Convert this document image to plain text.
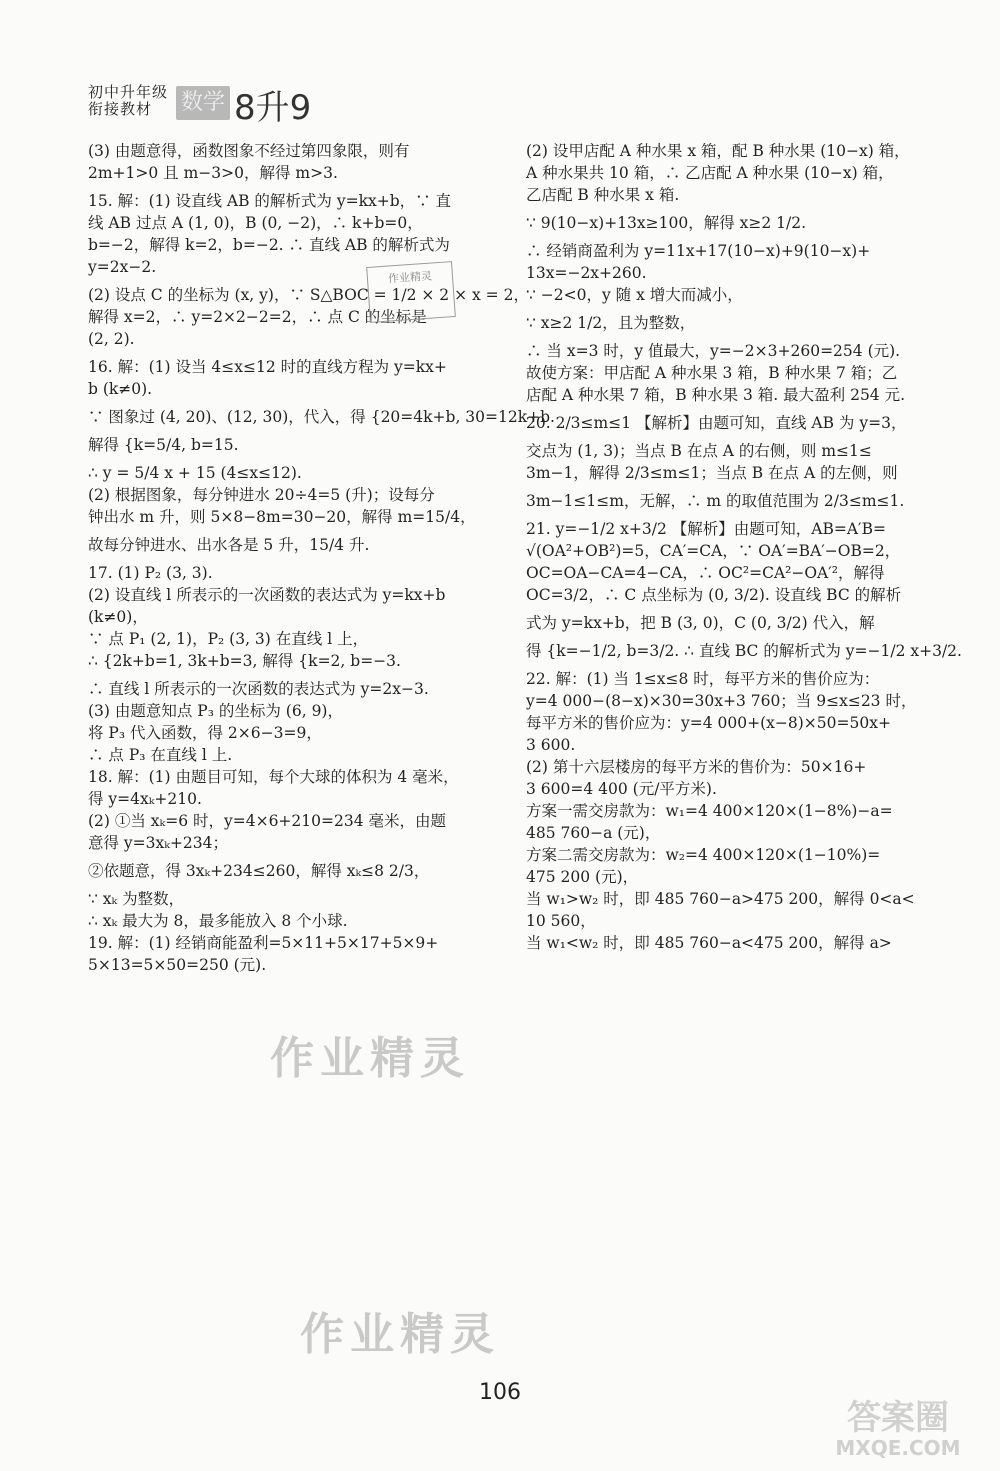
初中升年级
衔接教材	数学 8升9
(3) 由题意得，函数图象不经过第四象限，则有
2m+1>0 且 m−3>0，解得 m>3.
15. 解：(1) 设直线 AB 的解析式为 y=kx+b，∵ 直
线 AB 过点 A (1, 0)，B (0, −2)，∴ k+b=0，
b=−2，解得 k=2，b=−2. ∴ 直线 AB 的解析式为
y=2x−2.
(2) 设点 C 的坐标为 (x, y)，∵ S△BOC = 1/2 × 2 × x = 2，
解得 x=2，∴ y=2×2−2=2，∴ 点 C 的坐标是
(2, 2).
16. 解：(1) 设当 4≤x≤12 时的直线方程为 y=kx+
b (k≠0).
∵ 图象过 (4, 20)、(12, 30)，代入，得 {20=4k+b, 30=12k+b.
解得 {k=5/4, b=15.
∴ y = 5/4 x + 15 (4≤x≤12).
(2) 根据图象，每分钟进水 20÷4=5 (升)；设每分
钟出水 m 升，则 5×8−8m=30−20，解得 m=15/4，
故每分钟进水、出水各是 5 升，15/4 升.
17. (1) P₂ (3, 3).
(2) 设直线 l 所表示的一次函数的表达式为 y=kx+b
(k≠0)，
∵ 点 P₁ (2, 1)，P₂ (3, 3) 在直线 l 上，
∴ {2k+b=1, 3k+b=3, 解得 {k=2, b=−3.
∴ 直线 l 所表示的一次函数的表达式为 y=2x−3.
(3) 由题意知点 P₃ 的坐标为 (6, 9)，
将 P₃ 代入函数，得 2×6−3=9，
∴ 点 P₃ 在直线 l 上.
18. 解：(1) 由题目可知，每个大球的体积为 4 毫米，
得 y=4xₖ+210.
(2) ①当 xₖ=6 时，y=4×6+210=234 毫米，由题
意得 y=3xₖ+234；
②依题意，得 3xₖ+234≤260，解得 xₖ≤8 2/3，
∵ xₖ 为整数，
∴ xₖ 最大为 8，最多能放入 8 个小球.
19. 解：(1) 经销商能盈利=5×11+5×17+5×9+
5×13=5×50=250 (元).
(2) 设甲店配 A 种水果 x 箱，配 B 种水果 (10−x) 箱，
A 种水果共 10 箱，∴ 乙店配 A 种水果 (10−x) 箱，
乙店配 B 种水果 x 箱.
∵ 9(10−x)+13x≥100，解得 x≥2 1/2.
∴ 经销商盈利为 y=11x+17(10−x)+9(10−x)+
13x=−2x+260.
∵ −2<0，y 随 x 增大而减小，
∵ x≥2 1/2，且为整数，
∴ 当 x=3 时，y 值最大，y=−2×3+260=254 (元).
故使方案：甲店配 A 种水果 3 箱，B 种水果 7 箱；乙
店配 A 种水果 7 箱，B 种水果 3 箱. 最大盈利 254 元.
20. 2/3≤m≤1 【解析】由题可知，直线 AB 为 y=3，
交点为 (1, 3)；当点 B 在点 A 的右侧，则 m≤1≤
3m−1，解得 2/3≤m≤1；当点 B 在点 A 的左侧，则
3m−1≤1≤m，无解，∴ m 的取值范围为 2/3≤m≤1.
21. y=−1/2 x+3/2 【解析】由题可知，AB=A′B=
√(OA²+OB²)=5，CA′=CA，∵ OA′=BA′−OB=2，
OC=OA−CA=4−CA，∴ OC²=CA²−OA′²，解得
OC=3/2，∴ C 点坐标为 (0, 3/2). 设直线 BC 的解析
式为 y=kx+b，把 B (3, 0)，C (0, 3/2) 代入，解
得 {k=−1/2, b=3/2. ∴ 直线 BC 的解析式为 y=−1/2 x+3/2.
22. 解：(1) 当 1≤x≤8 时，每平方米的售价应为：
y=4 000−(8−x)×30=30x+3 760；当 9≤x≤23 时，
每平方米的售价应为：y=4 000+(x−8)×50=50x+
3 600.
(2) 第十六层楼房的每平方米的售价为：50×16+
3 600=4 400 (元/平方米).
方案一需交房款为：w₁=4 400×120×(1−8%)−a=
485 760−a (元)，
方案二需交房款为：w₂=4 400×120×(1−10%)=
475 200 (元)，
当 w₁>w₂ 时，即 485 760−a>475 200，解得 0<a<
10 560，
当 w₁<w₂ 时，即 485 760−a<475 200，解得 a>
作业精灵
作业精灵
作业精灵
106
答案圈
MXQE.COM
